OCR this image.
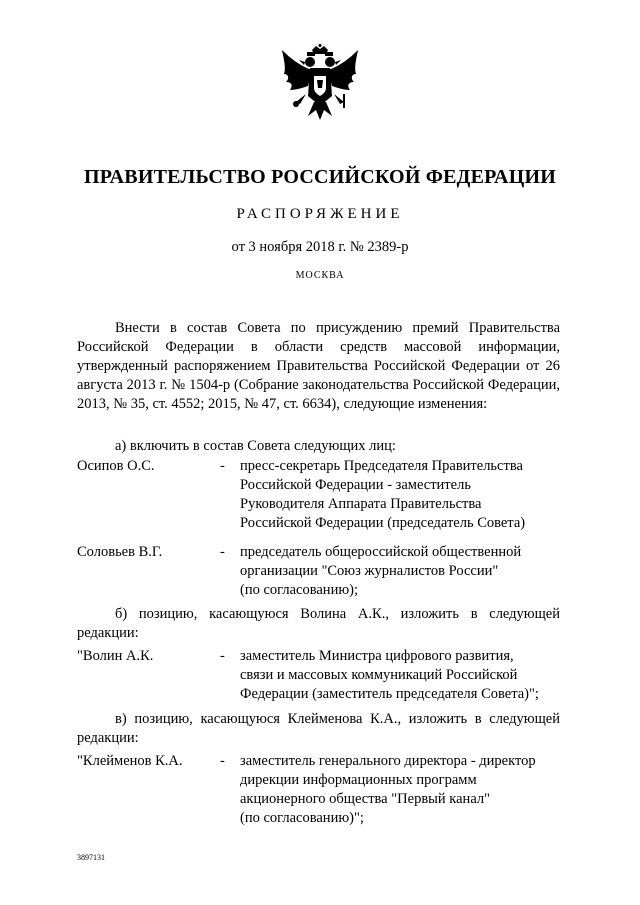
ПРАВИТЕЛЬСТВО РОССИЙСКОЙ ФЕДЕРАЦИИ
РАСПОРЯЖЕНИЕ
от 3 ноября 2018 г. № 2389-р
МОСКВА
Внести в состав Совета по присуждению премий Правительства Российской Федерации в области средств массовой информации, утвержденный распоряжением Правительства Российской Федерации от 26 августа 2013 г. № 1504-р (Собрание законодательства Российской Федерации, 2013, № 35, ст. 4552; 2015, № 47, ст. 6634), следующие изменения:
а) включить в состав Совета следующих лиц:
Осипов О.С.	- пресс-секретарь Председателя Правительства
Российской Федерации - заместитель
Руководителя Аппарата Правительства
Российской Федерации (председатель Совета)
Соловьев В.Г.	- председатель общероссийской общественной
организации "Союз журналистов России"
(по согласованию);
б) позицию, касающуюся Волина А.К., изложить в следующей редакции:
"Волин А.К.	- заместитель Министра цифрового развития,
связи и массовых коммуникаций Российской
Федерации (заместитель председателя Совета)";
в) позицию, касающуюся Клейменова К.А., изложить в следующей редакции:
"Клейменов К.А.	- заместитель генерального директора - директор
дирекции информационных программ
акционерного общества "Первый канал"
(по согласованию)";
3897131
